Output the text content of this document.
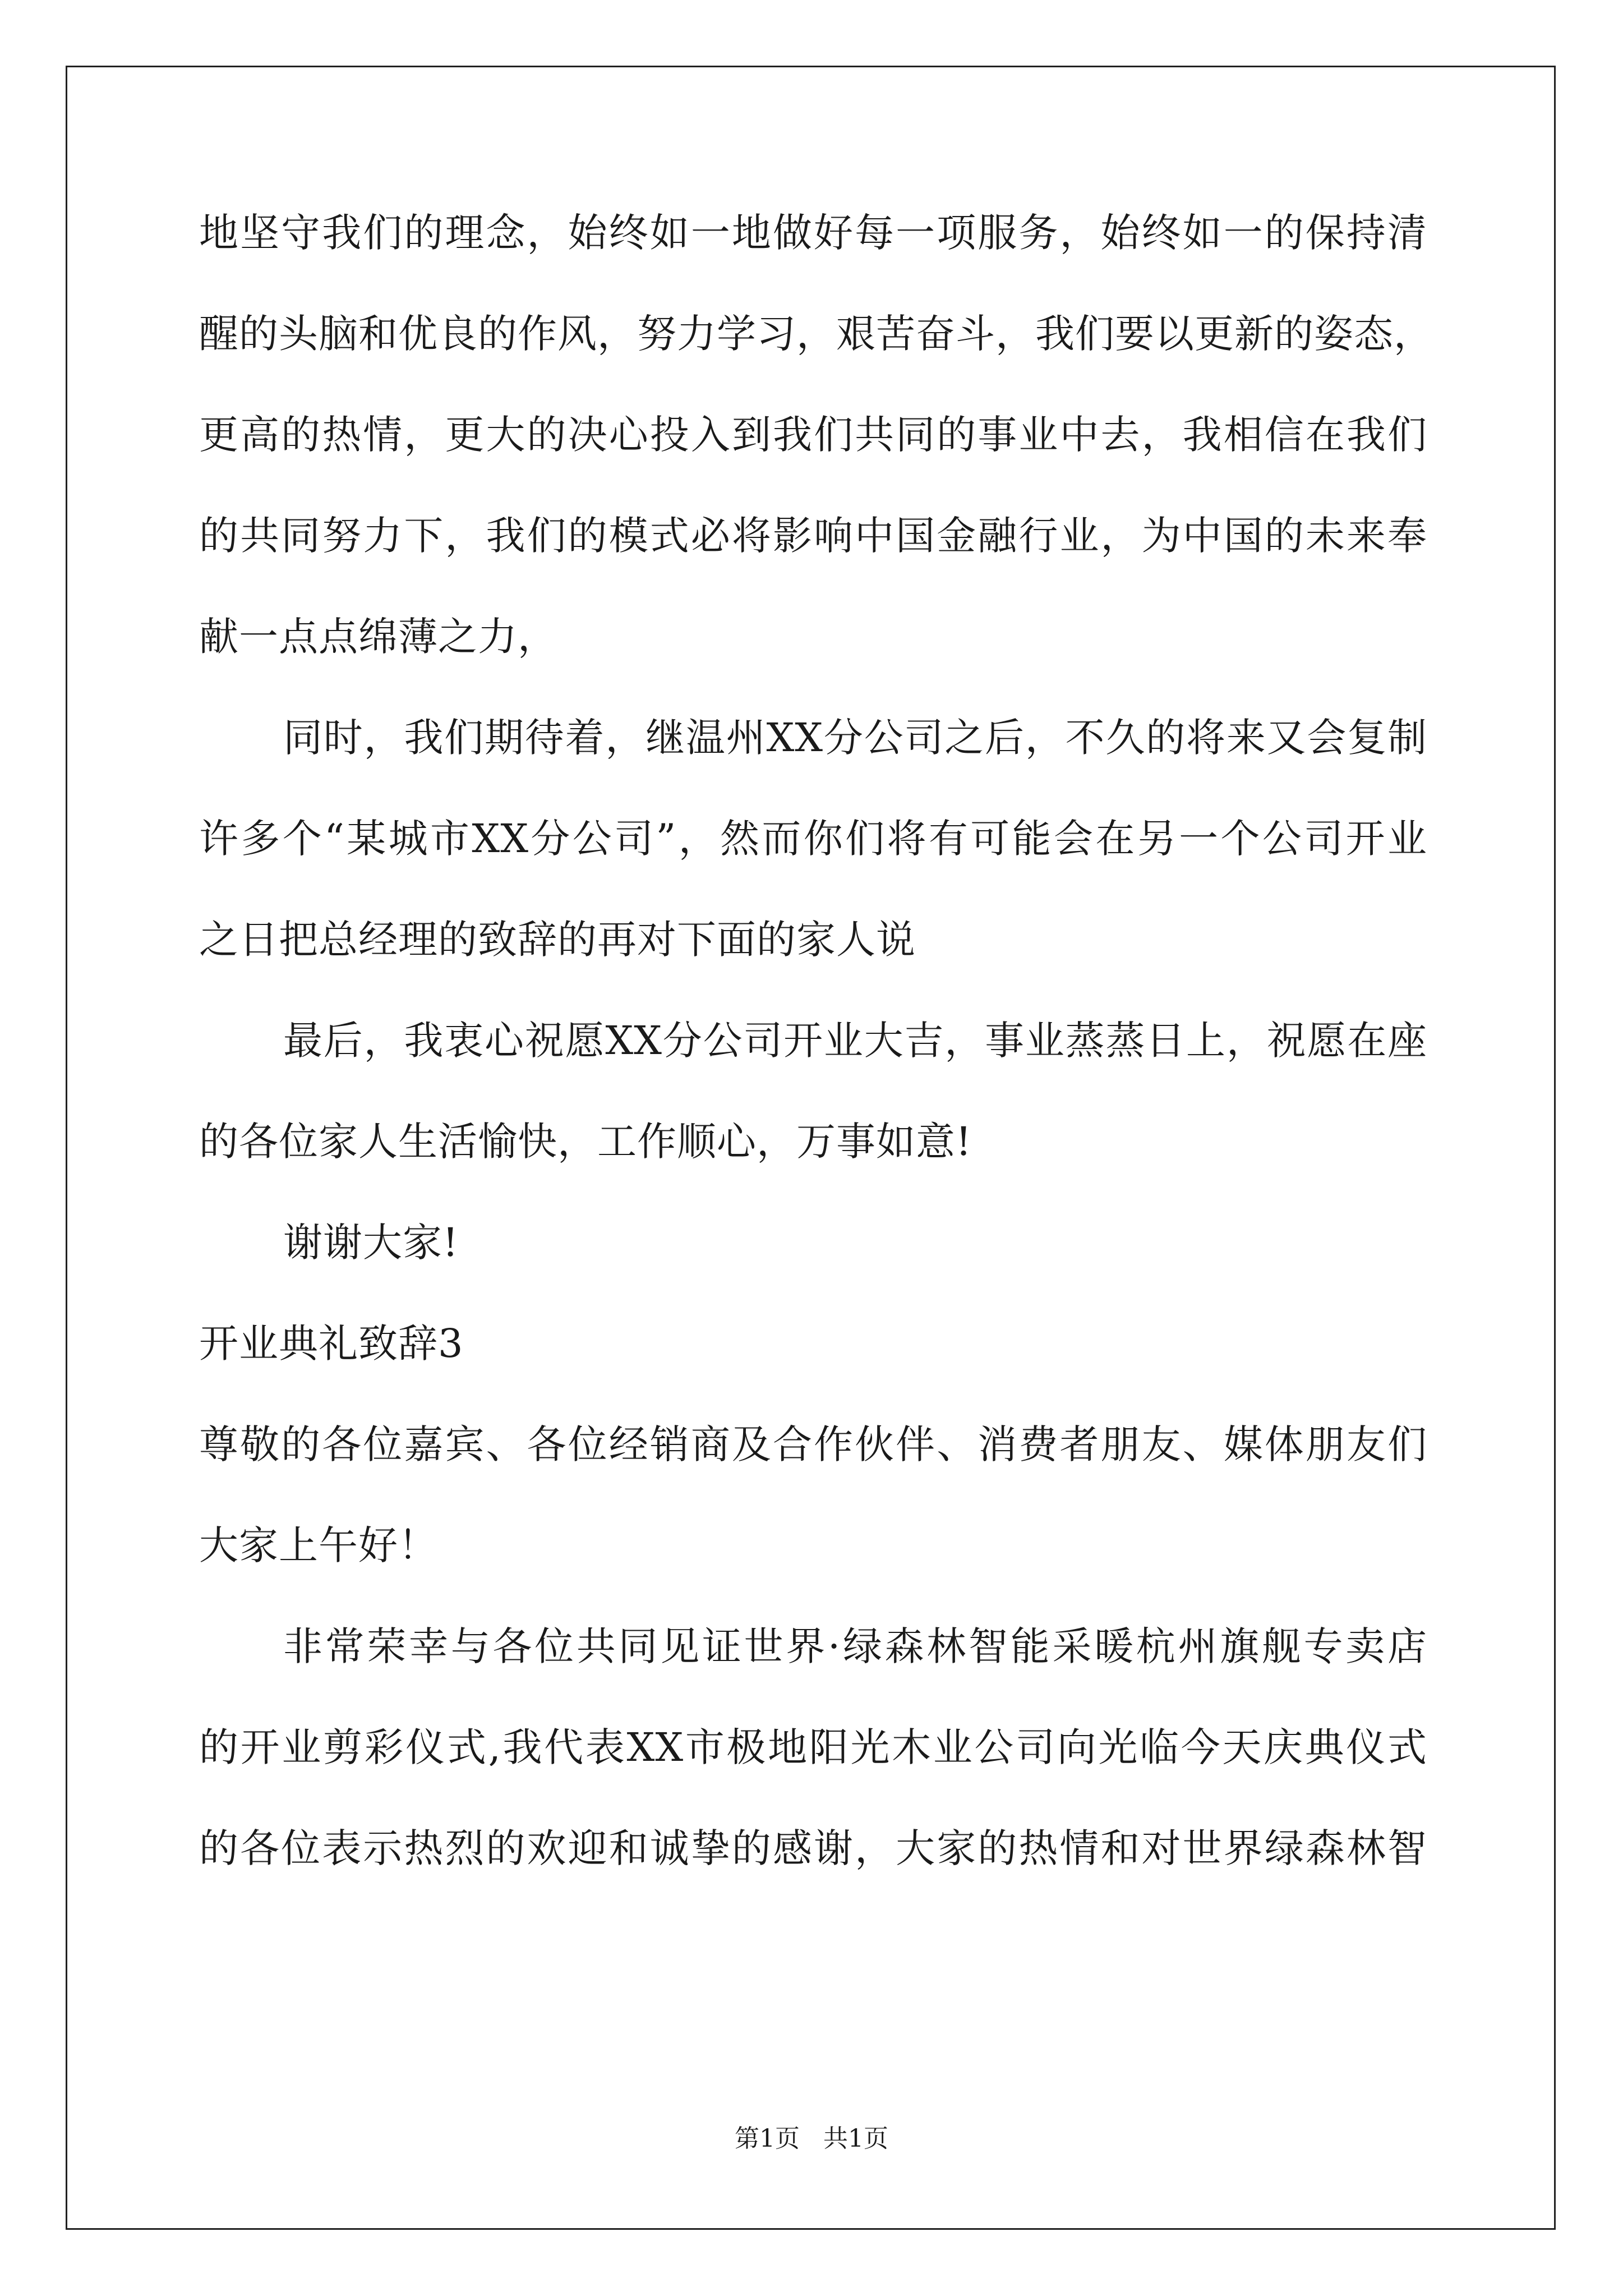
地坚守我们的理念，始终如一地做好每一项服务，始终如一的保持清

醒的头脑和优良的作风，努力学习，艰苦奋斗，我们要以更新的姿态，

更高的热情，更大的决心投入到我们共同的事业中去，我相信在我们

的共同努力下，我们的模式必将影响中国金融行业，为中国的未来奉

献一点点绵薄之力，

同时，我们期待着，继温州XX分公司之后，不久的将来又会复制

许多个“某城市XX分公司”，然而你们将有可能会在另一个公司开业

之日把总经理的致辞的再对下面的家人说

最后，我衷心祝愿XX分公司开业大吉，事业蒸蒸日上，祝愿在座

的各位家人生活愉快，工作顺心，万事如意!

谢谢大家!

开业典礼致辞3

尊敬的各位嘉宾、各位经销商及合作伙伴、消费者朋友、媒体朋友们

大家上午好！

非常荣幸与各位共同见证世界·绿森林智能采暖杭州旗舰专卖店

的开业剪彩仪式,我代表XX市极地阳光木业公司向光临今天庆典仪式

的各位表示热烈的欢迎和诚挚的感谢，大家的热情和对世界绿森林智

第1页 共1页
